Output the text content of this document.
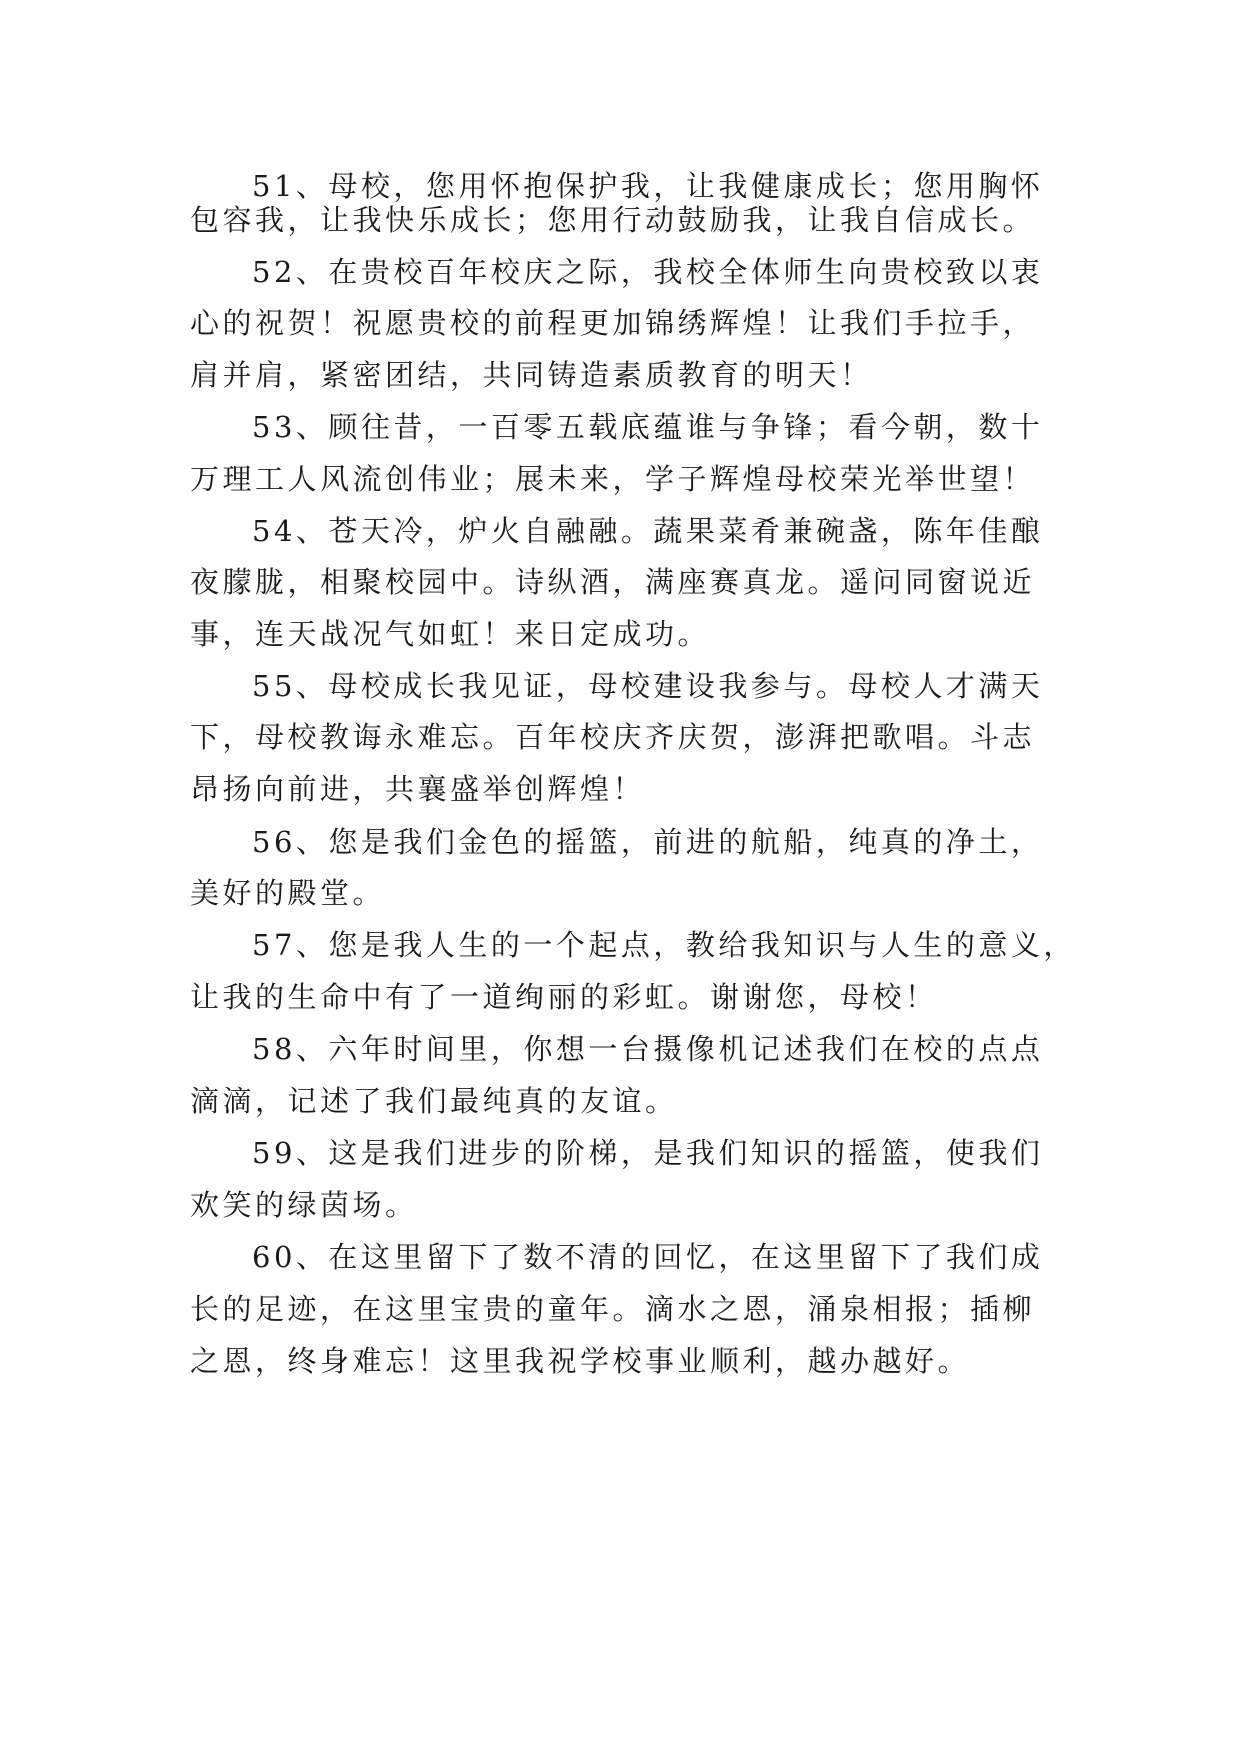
51、母校，您用怀抱保护我，让我健康成长；您用胸怀
包容我，让我快乐成长；您用行动鼓励我，让我自信成长。
52、在贵校百年校庆之际，我校全体师生向贵校致以衷
心的祝贺！祝愿贵校的前程更加锦绣辉煌！让我们手拉手，
肩并肩，紧密团结，共同铸造素质教育的明天！
53、顾往昔，一百零五载底蕴谁与争锋；看今朝，数十
万理工人风流创伟业；展未来，学子辉煌母校荣光举世望！
54、苍天冷，炉火自融融。蔬果菜肴兼碗盏，陈年佳酿
夜朦胧，相聚校园中。诗纵酒，满座赛真龙。遥问同窗说近
事，连天战况气如虹！来日定成功。
55、母校成长我见证，母校建设我参与。母校人才满天
下，母校教诲永难忘。百年校庆齐庆贺，澎湃把歌唱。斗志
昂扬向前进，共襄盛举创辉煌！
56、您是我们金色的摇篮，前进的航船，纯真的净土，
美好的殿堂。
57、您是我人生的一个起点，教给我知识与人生的意义，
让我的生命中有了一道绚丽的彩虹。谢谢您，母校！
58、六年时间里，你想一台摄像机记述我们在校的点点
滴滴，记述了我们最纯真的友谊。
59、这是我们进步的阶梯，是我们知识的摇篮，使我们
欢笑的绿茵场。
60、在这里留下了数不清的回忆，在这里留下了我们成
长的足迹，在这里宝贵的童年。滴水之恩，涌泉相报；插柳
之恩，终身难忘！这里我祝学校事业顺利，越办越好。
